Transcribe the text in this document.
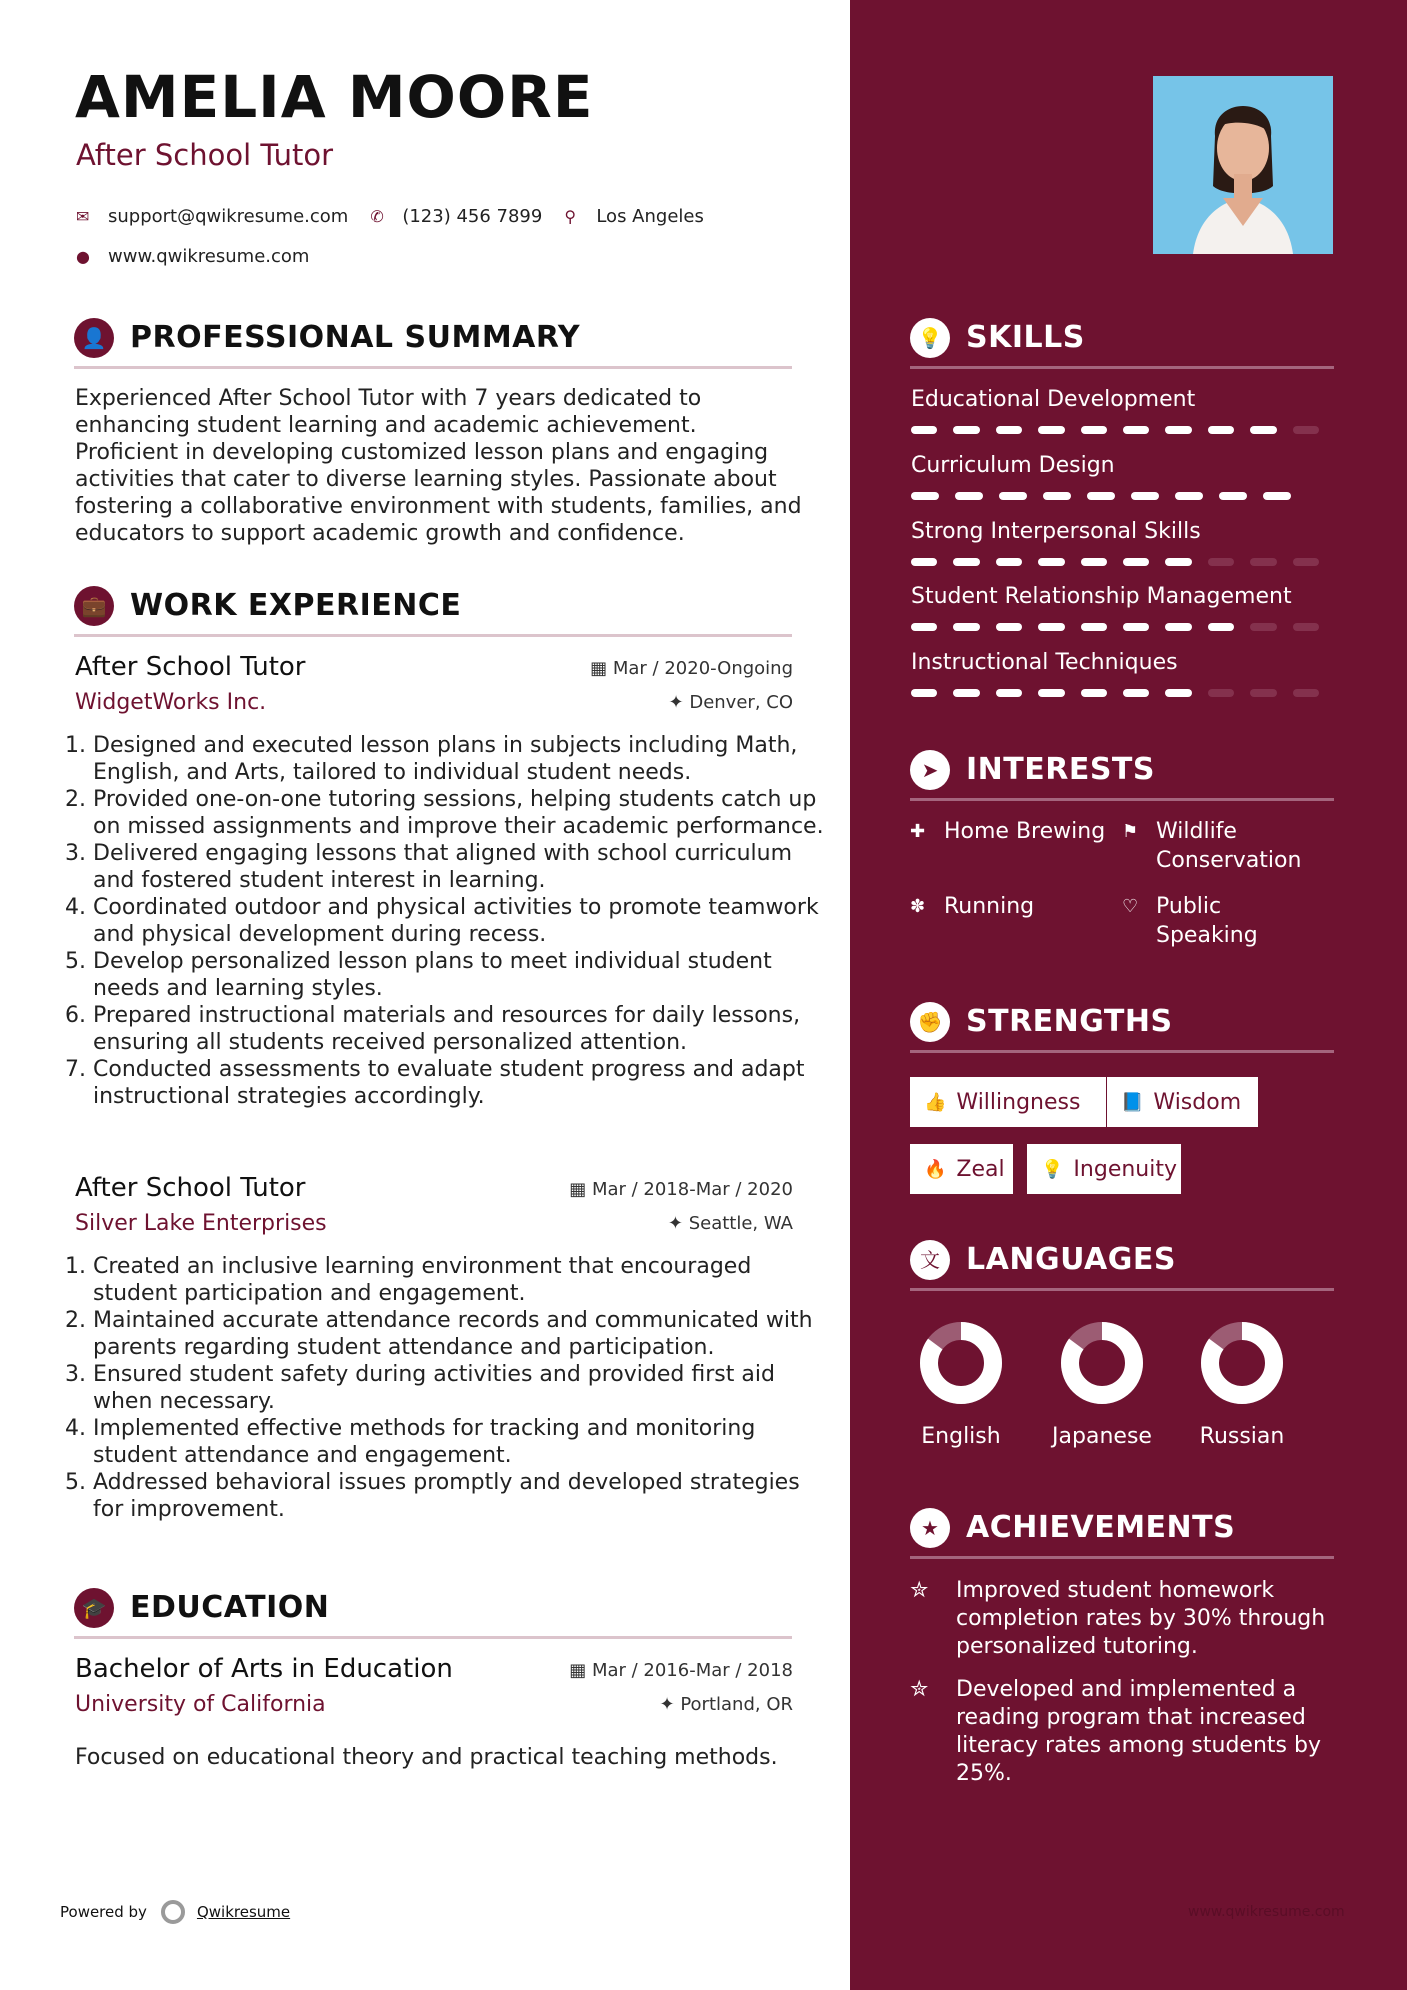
AMELIA MOORE
After School Tutor
✉	support@qwikresume.com ✆	(123) 456 7899 ⚲	Los Angeles
●	www.qwikresume.com
👤 PROFESSIONAL SUMMARY
Experienced After School Tutor with 7 years dedicated to enhancing student learning and academic achievement. Proficient in developing customized lesson plans and engaging activities that cater to diverse learning styles. Passionate about fostering a collaborative environment with students, families, and educators to support academic growth and confidence.
💼 WORK EXPERIENCE
After School Tutor	▦ Mar / 2020-Ongoing
WidgetWorks Inc.	✦ Denver, CO
1. Designed and executed lesson plans in subjects including Math, English, and Arts, tailored to individual student needs.
2. Provided one-on-one tutoring sessions, helping students catch up on missed assignments and improve their academic performance.
3. Delivered engaging lessons that aligned with school curriculum and fostered student interest in learning.
4. Coordinated outdoor and physical activities to promote teamwork and physical development during recess.
5. Develop personalized lesson plans to meet individual student needs and learning styles.
6. Prepared instructional materials and resources for daily lessons, ensuring all students received personalized attention.
7. Conducted assessments to evaluate student progress and adapt instructional strategies accordingly.
After School Tutor	▦ Mar / 2018-Mar / 2020
Silver Lake Enterprises	✦ Seattle, WA
1. Created an inclusive learning environment that encouraged student participation and engagement.
2. Maintained accurate attendance records and communicated with parents regarding student attendance and participation.
3. Ensured student safety during activities and provided first aid when necessary.
4. Implemented effective methods for tracking and monitoring student attendance and engagement.
5. Addressed behavioral issues promptly and developed strategies for improvement.
🎓 EDUCATION
Bachelor of Arts in Education	▦ Mar / 2016-Mar / 2018
University of California	✦ Portland, OR
Focused on educational theory and practical teaching methods.
Powered by	Qwikresume
💡 SKILLS
Educational Development
Curriculum Design
Strong Interpersonal Skills
Student Relationship Management
Instructional Techniques
➤ INTERESTS
✚ Home Brewing ⚑ Wildlife Conservation
✽ Running	♡ Public Speaking
✊ STRENGTHS
👍 Willingness 📘 Wisdom
🔥 Zeal 💡 Ingenuity
文 LANGUAGES
English	Japanese	Russian
★ ACHIEVEMENTS
✮	Improved student homework completion rates by 30% through personalized tutoring.
✮	Developed and implemented a reading program that increased literacy rates among students by 25%.
www.qwikresume.com
